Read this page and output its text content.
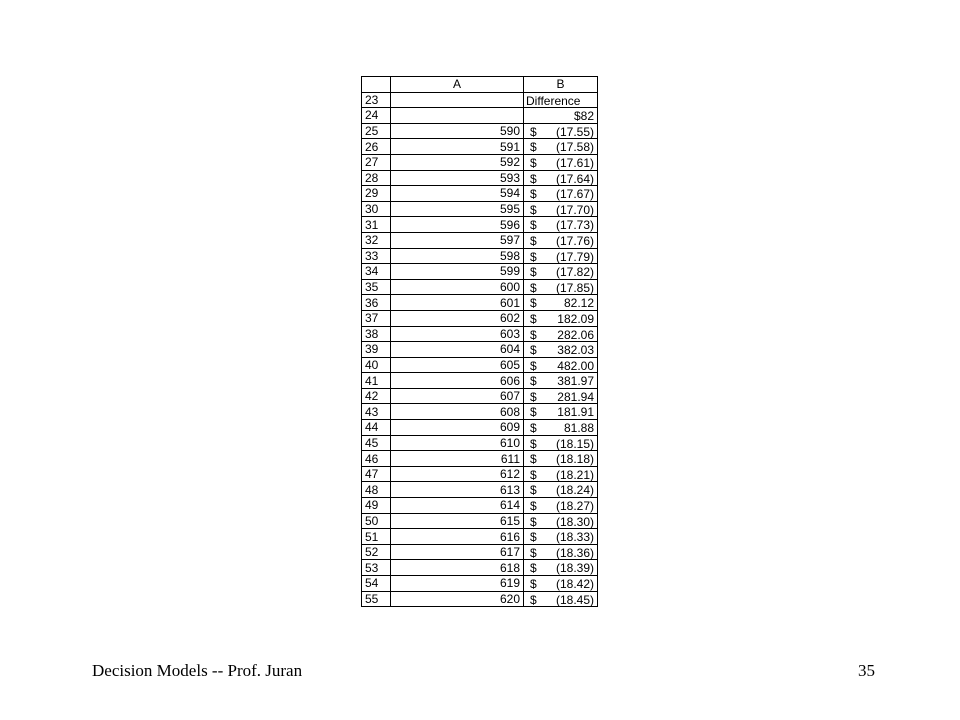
	A	B
23		Difference

24		$82

25	590	$ (17.55)

26	591	$ (17.58)

27	592	$ (17.61)

28	593	$ (17.64)

29	594	$ (17.67)

30	595	$ (17.70)

31	596	$ (17.73)

32	597	$ (17.76)

33	598	$ (17.79)

34	599	$ (17.82)

35	600	$ (17.85)

36	601	$ 82.12

37	602	$ 182.09

38	603	$ 282.06

39	604	$ 382.03

40	605	$ 482.00

41	606	$ 381.97

42	607	$ 281.94

43	608	$ 181.91

44	609	$ 81.88

45	610	$ (18.15)

46	611	$ (18.18)

47	612	$ (18.21)

48	613	$ (18.24)

49	614	$ (18.27)

50	615	$ (18.30)

51	616	$ (18.33)

52	617	$ (18.36)

53	618	$ (18.39)

54	619	$ (18.42)

55	620	$ (18.45)
Decision Models -- Prof. Juran	35
